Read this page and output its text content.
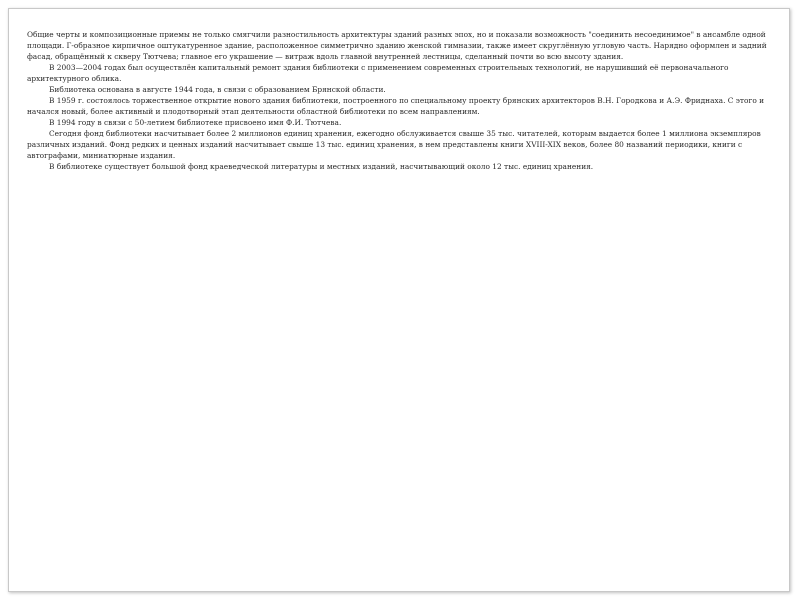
Общие черты и композиционные приемы не только смягчили разностильность архитектуры зданий разных эпох, но и показали возможность "соединить несоединимое" в ансамбле одной площади. Г-образное кирпичное оштукатуренное здание, расположенное симметрично зданию женской гимназии, также имеет скруглённую угловую часть. Нарядно оформлен и задний фасад, обращённый к скверу Тютчева; главное его украшение — витраж вдоль главной внутренней лестницы, сделанный почти во всю высоту здания.

В 2003—2004 годах был осуществлён капитальный ремонт здания библиотеки с применением современных строительных технологий, не нарушивший её первоначального архитектурного облика.

Библиотека основана в августе 1944 года, в связи с образованием Брянской области.

В 1959 г. состоялось торжественное открытие нового здания библиотеки, построенного по специальному проекту брянских архитекторов В.Н. Городкова и А.Э. Фриднаха. С этого и начался новый, более активный и плодотворный этап деятельности областной библиотеки по всем направлениям.

В 1994 году в связи с 50-летием библиотеке присвоено имя Ф.И. Тютчева.

Сегодня фонд библиотеки насчитывает более 2 миллионов единиц хранения, ежегодно обслуживается свыше 35 тыс. читателей, которым выдается более 1 миллиона экземпляров различных изданий. Фонд редких и ценных изданий насчитывает свыше 13 тыс. единиц хранения, в нем представлены книги XVIII-XIX веков, более 80 названий периодики, книги с автографами, миниатюрные издания.

В библиотеке существует большой фонд краеведческой литературы и местных изданий, насчитывающий около 12 тыс. единиц хранения.
